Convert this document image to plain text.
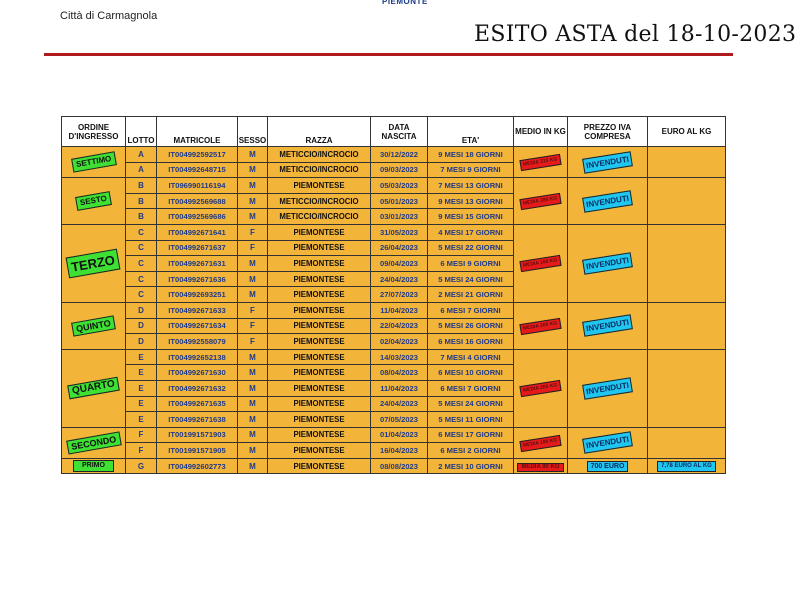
Città di Carmagnola
PIEMONTE
ESITO ASTA del 18-10-2023
ORDINE D'INGRESSO	LOTTO	MATRICOLE	SESSO	RAZZA	DATA NASCITA	ETA'	MEDIO IN KG	PREZZO IVA COMPRESA	EURO AL KG
SETTIMO	A	IT004992592517	M	METICCIO/INCROCIO	30/12/2022	9 MESI 18 GIORNI	MEDIA 315 KG	INVENDUTI	
	A	IT004992648715	M	METICCIO/INCROCIO	09/03/2023	7 MESI 9 GIORNI			
SESTO	B	IT096990116194	M	PIEMONTESE	05/03/2023	7 MESI 13 GIORNI	MEDIA 280 KG	INVENDUTI	
	B	IT004992569688	M	METICCIO/INCROCIO	05/01/2023	9 MESI 13 GIORNI			
	B	IT004992569686	M	METICCIO/INCROCIO	03/01/2023	9 MESI 15 GIORNI			
TERZO	C	IT004992671641	F	PIEMONTESE	31/05/2023	4 MESI 17 GIORNI	MEDIA 160 KG	INVENDUTI	
	C	IT004992671637	F	PIEMONTESE	26/04/2023	5 MESI 22 GIORNI			
	C	IT004992671631	M	PIEMONTESE	09/04/2023	6 MESI 9 GIORNI			
	C	IT004992671636	M	PIEMONTESE	24/04/2023	5 MESI 24 GIORNI			
	C	IT004992693251	M	PIEMONTESE	27/07/2023	2 MESI 21 GIORNI			
QUINTO	D	IT004992671633	F	PIEMONTESE	11/04/2023	6 MESI 7 GIORNI	MEDIA 200 KG	INVENDUTI	
	D	IT004992671634	F	PIEMONTESE	22/04/2023	5 MESI 26 GIORNI			
	D	IT004992558079	F	PIEMONTESE	02/04/2023	6 MESI 16 GIORNI			
QUARTO	E	IT004992652138	M	PIEMONTESE	14/03/2023	7 MESI 4 GIORNI	MEDIA 200 KG	INVENDUTI	
	E	IT004992671630	M	PIEMONTESE	08/04/2023	6 MESI 10 GIORNI			
	E	IT004992671632	M	PIEMONTESE	11/04/2023	6 MESI 7 GIORNI			
	E	IT004992671635	M	PIEMONTESE	24/04/2023	5 MESI 24 GIORNI			
	E	IT004992671638	M	PIEMONTESE	07/05/2023	5 MESI 11 GIORNI			
SECONDO	F	IT001991571903	M	PIEMONTESE	01/04/2023	6 MESI 17 GIORNI	MEDIA 180 KG	INVENDUTI	
	F	IT001991571905	M	PIEMONTESE	16/04/2023	6 MESI 2 GIORNI			
PRIMO	G	IT004992602773	M	PIEMONTESE	08/08/2023	2 MESI 10 GIORNI	MEDIA 90 KG	700 EURO	7,78 EURO AL KG
